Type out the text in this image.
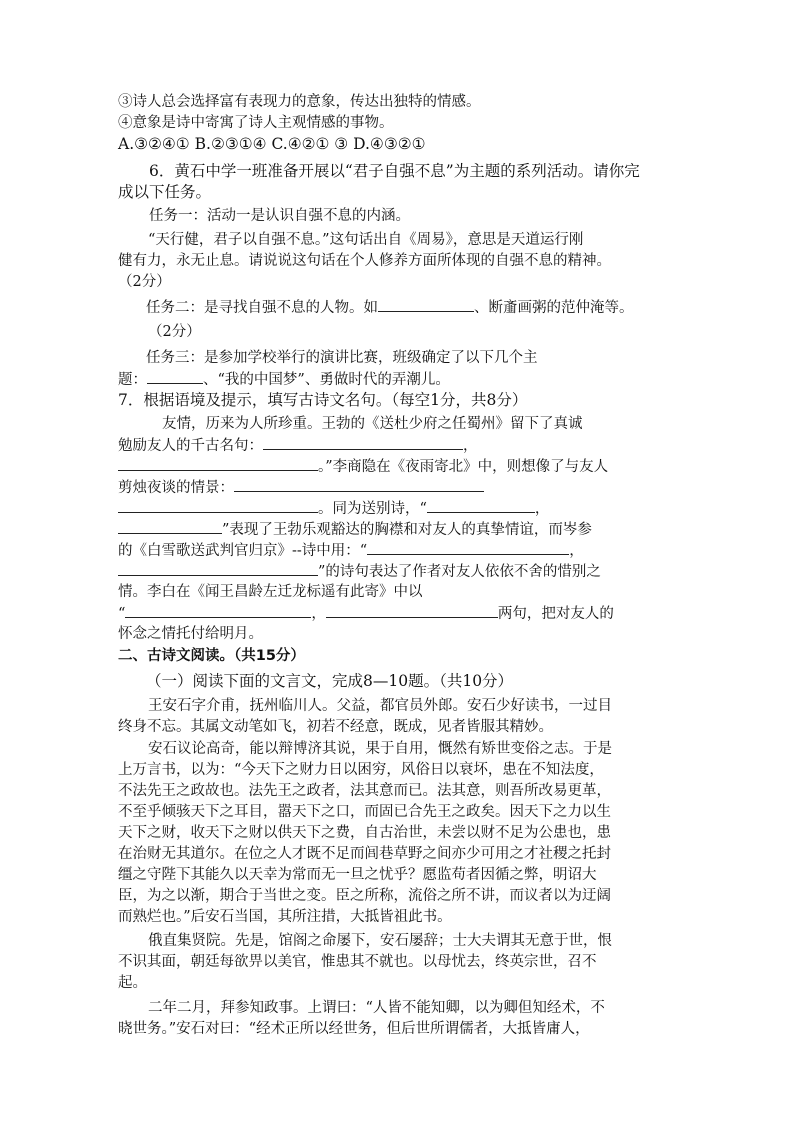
③诗人总会选择富有表现力的意象，传达出独特的情感。
④意象是诗中寄寓了诗人主观情感的事物。
A.③②④① B.②③①④ C.④②① ③ D.④③②①
6．黄石中学一班准备开展以“君子自强不息”为主题的系列活动。请你完
成以下任务。
任务一：活动一是认识自强不息的内涵。
“天行健，君子以自强不息。”这句话出自《周易》，意思是天道运行刚
健有力，永无止息。请说说这句话在个人修养方面所体现的自强不息的精神。
（2分）
任务二：是寻找自强不息的人物。如	、断齑画粥的范仲淹等。
（2分）
任务三：是参加学校举行的演讲比赛，班级确定了以下几个主
题：	、“我的中国梦”、勇做时代的弄潮儿。
7．根据语境及提示，填写古诗文名句。（每空1分，共8分）
友情，历来为人所珍重。王勃的《送杜少府之任蜀州》留下了真诚
勉励友人的千古名句：	，
。”李商隐在《夜雨寄北》中，则想像了与友人
剪烛夜谈的情景：
。同为送别诗，“	，
”表现了王勃乐观豁达的胸襟和对友人的真挚情谊，而岑参
的《白雪歌送武判官归京》--诗中用：“	，
”的诗句表达了作者对友人依依不舍的惜别之
情。李白在《闻王昌龄左迁龙标遥有此寄》中以
“	，	两句，把对友人的
怀念之情托付给明月。
二、古诗文阅读。（共15分）
（一）阅读下面的文言文，完成8—10题。（共10分）
王安石字介甫，抚州临川人。父益，都官员外郎。安石少好读书，一过目
终身不忘。其属文动笔如飞，初若不经意，既成，见者皆服其精妙。
安石议论高奇，能以辩博济其说，果于自用，慨然有矫世变俗之志。于是
上万言书，以为：“今天下之财力日以困穷，风俗日以衰坏，患在不知法度，
不法先王之政故也。法先王之政者，法其意而已。法其意，则吾所改易更革，
不至乎倾骇天下之耳目，嚣天下之口，而固已合先王之政矣。因天下之力以生
天下之财，收天下之财以供天下之费，自古治世，未尝以财不足为公患也，患
在治财无其道尔。在位之人才既不足而闾巷草野之间亦少可用之才社稷之托封
缰之守陛下其能久以天幸为常而无一旦之忧乎？愿监苟者因循之弊，明诏大
臣，为之以渐，期合于当世之变。臣之所称，流俗之所不讲，而议者以为迂阔
而熟烂也。”后安石当国，其所注措，大抵皆祖此书。
俄直集贤院。先是，馆阁之命屡下，安石屡辞；士大夫谓其无意于世，恨
不识其面，朝廷每欲畀以美官，惟患其不就也。以母忧去，终英宗世，召不
起。
二年二月，拜参知政事。上谓曰：“人皆不能知卿，以为卿但知经术，不
晓世务。”安石对曰：“经术正所以经世务，但后世所谓儒者，大抵皆庸人，
